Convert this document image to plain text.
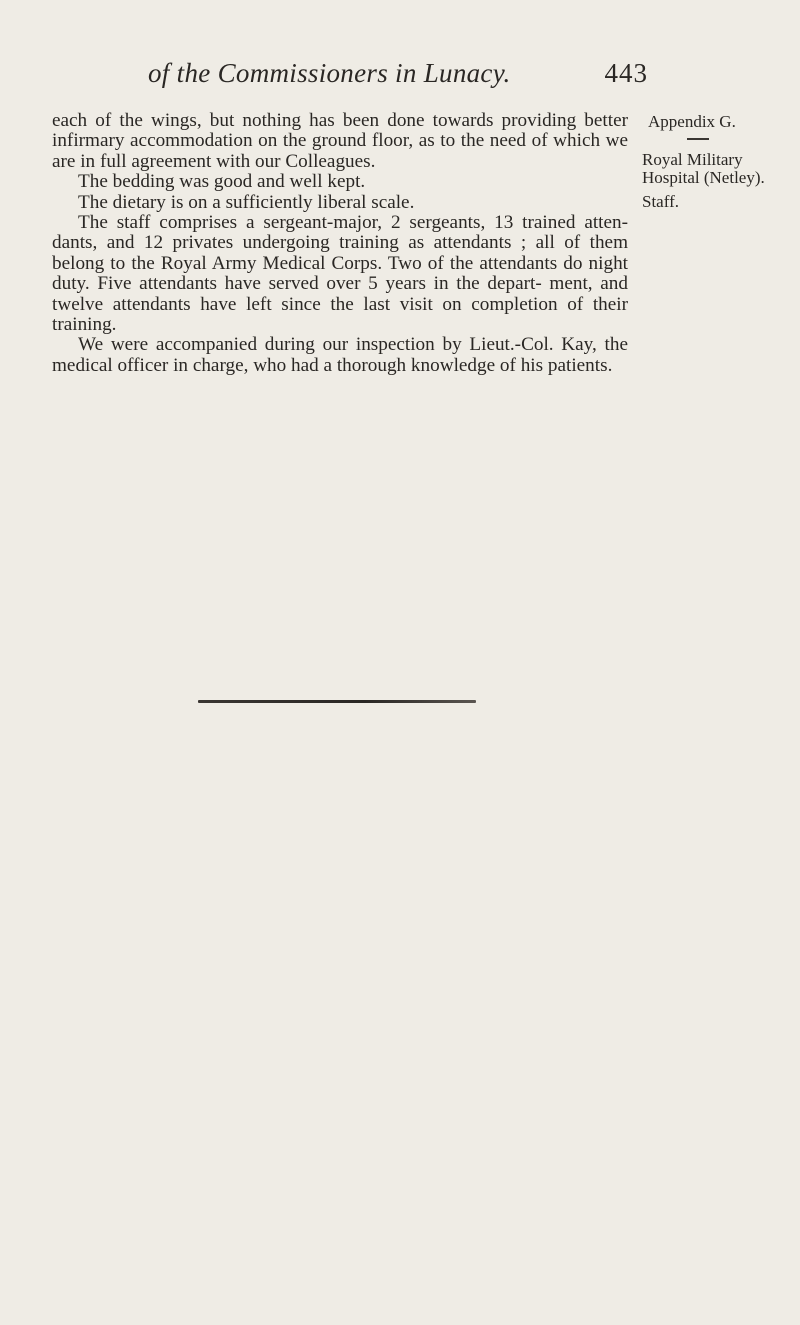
of the Commissioners in Lunacy.	443

each of the wings, but nothing has been done towards providing better infirmary accommodation on the ground floor, as to the need of which we are in full agreement with our Colleagues.

The bedding was good and well kept.

The dietary is on a sufficiently liberal scale.

The staff comprises a sergeant-major, 2 sergeants, 13 trained atten- dants, and 12 privates undergoing training as attendants ; all of them belong to the Royal Army Medical Corps. Two of the attendants do night duty. Five attendants have served over 5 years in the depart- ment, and twelve attendants have left since the last visit on completion of their training.

We were accompanied during our inspection by Lieut.-Col. Kay, the medical officer in charge, who had a thorough knowledge of his patients.

Appendix G.
Royal Military Hospital (Netley).
Staff.
